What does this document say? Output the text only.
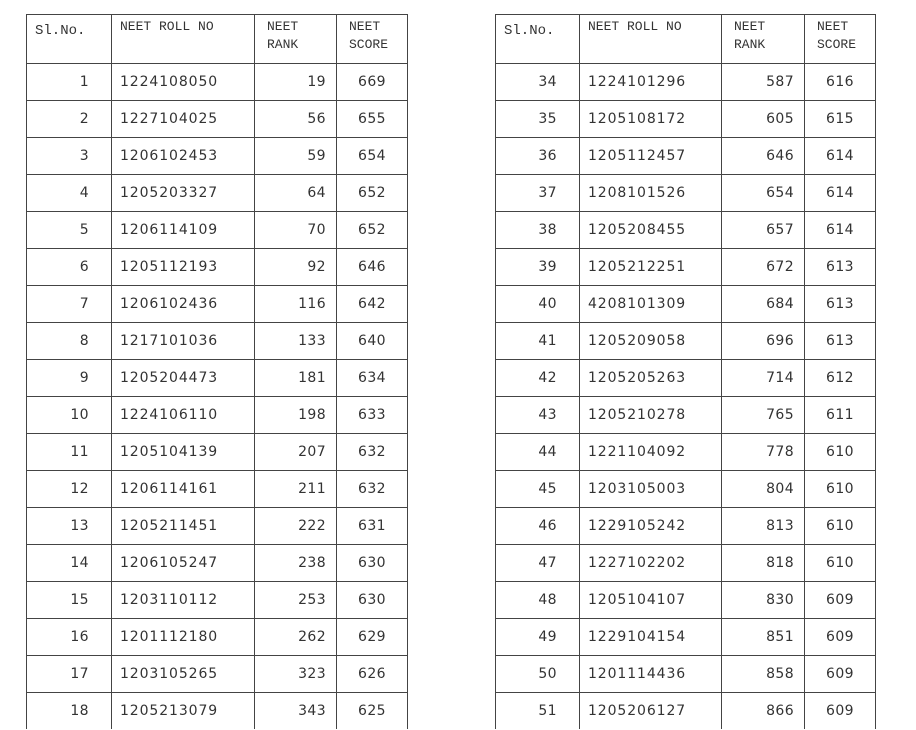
Sl.No.	NEET ROLL NO	NEET RANK	NEET SCORE
1	1224108050	19	669
2	1227104025	56	655
3	1206102453	59	654
4	1205203327	64	652
5	1206114109	70	652
6	1205112193	92	646
7	1206102436	116	642
8	1217101036	133	640
9	1205204473	181	634
10	1224106110	198	633
11	1205104139	207	632
12	1206114161	211	632
13	1205211451	222	631
14	1206105247	238	630
15	1203110112	253	630
16	1201112180	262	629
17	1203105265	323	626
18	1205213079	343	625
Sl.No.	NEET ROLL NO	NEET RANK	NEET SCORE
34	1224101296	587	616
35	1205108172	605	615
36	1205112457	646	614
37	1208101526	654	614
38	1205208455	657	614
39	1205212251	672	613
40	4208101309	684	613
41	1205209058	696	613
42	1205205263	714	612
43	1205210278	765	611
44	1221104092	778	610
45	1203105003	804	610
46	1229105242	813	610
47	1227102202	818	610
48	1205104107	830	609
49	1229104154	851	609
50	1201114436	858	609
51	1205206127	866	609
